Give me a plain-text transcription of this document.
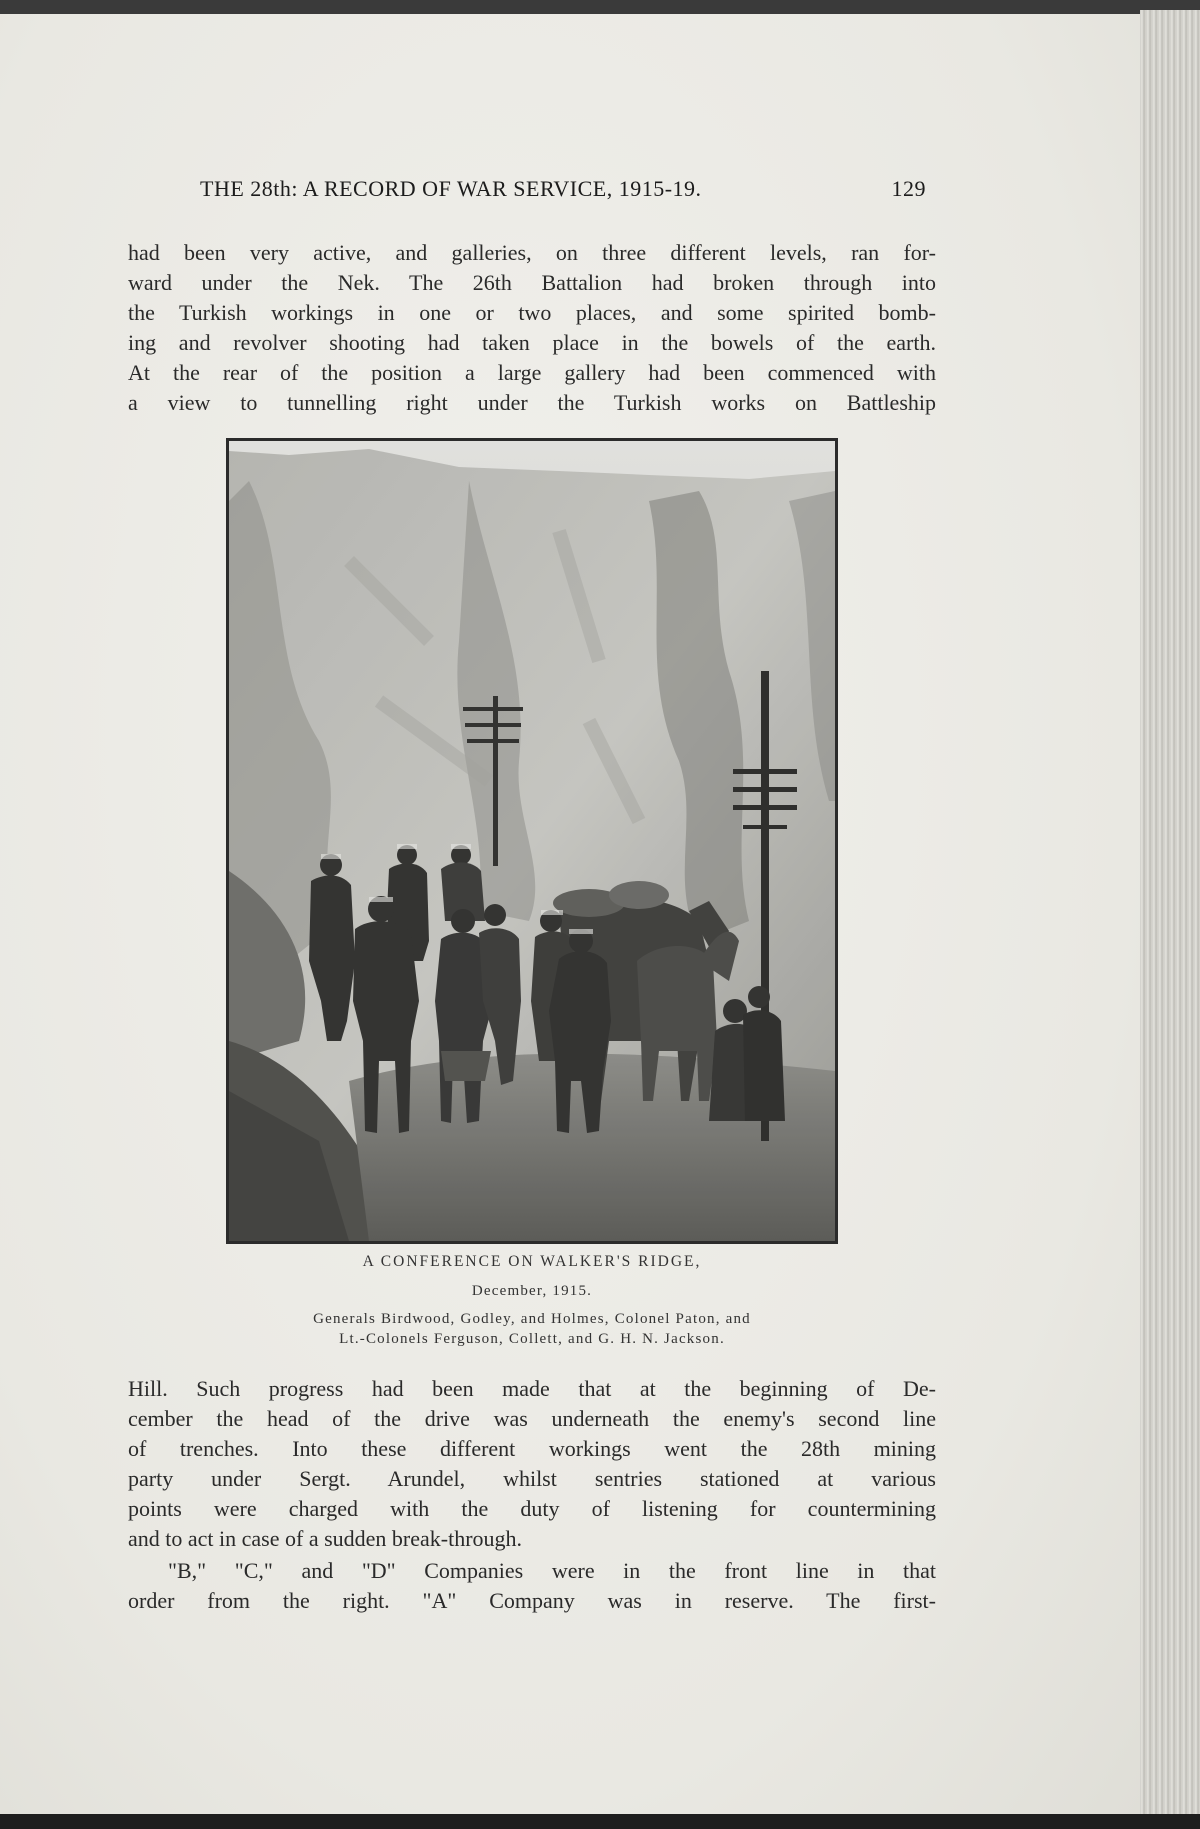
THE 28th: A RECORD OF WAR SERVICE, 1915-19.	129

had been very active, and galleries, on three different levels, ran for-
ward under the Nek. The 26th Battalion had broken through into
the Turkish workings in one or two places, and some spirited bomb-
ing and revolver shooting had taken place in the bowels of the earth.
At the rear of the position a large gallery had been commenced with
a view to tunnelling right under the Turkish works on Battleship

A CONFERENCE ON WALKER'S RIDGE,
December, 1915.
Generals Birdwood, Godley, and Holmes, Colonel Paton, and
Lt.-Colonels Ferguson, Collett, and G. H. N. Jackson.

Hill. Such progress had been made that at the beginning of De-
cember the head of the drive was underneath the enemy's second line
of trenches. Into these different workings went the 28th mining
party under Sergt. Arundel, whilst sentries stationed at various
points were charged with the duty of listening for countermining
and to act in case of a sudden break-through.

"B," "C," and "D" Companies were in the front line in that
order from the right. "A" Company was in reserve. The first-
